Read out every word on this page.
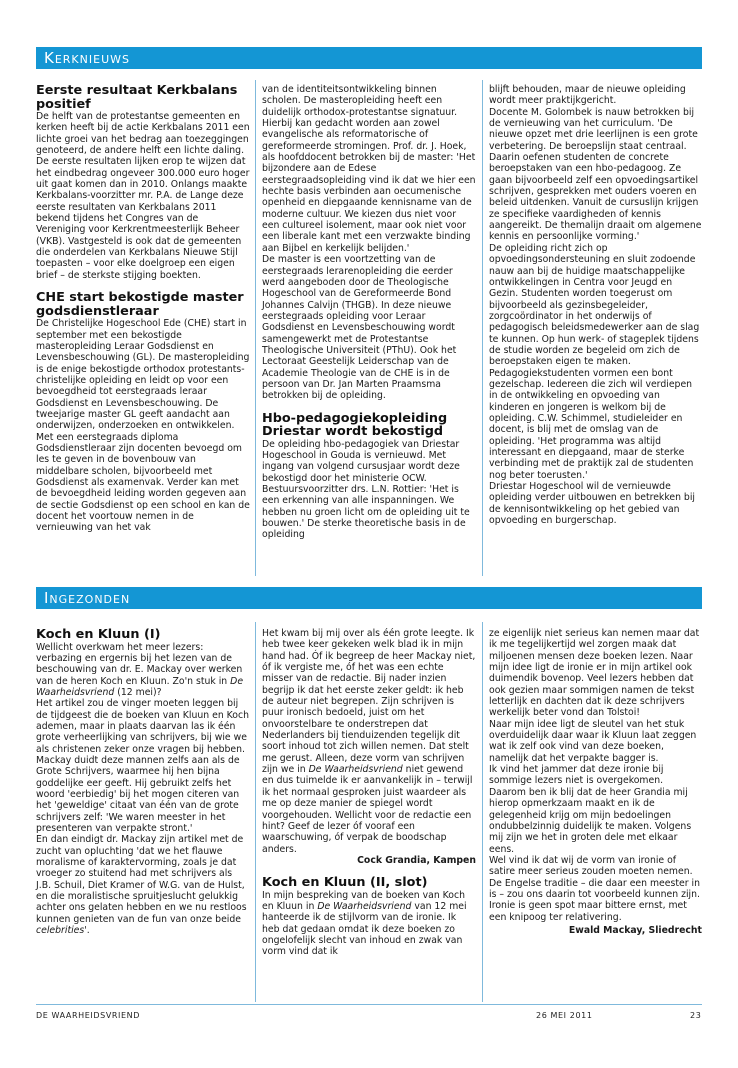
Kerknieuws
Eerste resultaat Kerkbalans positief

De helft van de protestantse gemeenten en kerken heeft bij de actie Kerkbalans 2011 een lichte groei van het bedrag aan toezeggingen genoteerd, de andere helft een lichte daling. De eerste resultaten lijken erop te wijzen dat het eindbedrag ongeveer 300.000 euro hoger uit gaat komen dan in 2010. Onlangs maakte Kerkbalans-voorzitter mr. P.A. de Lange deze eerste resultaten van Kerkbalans 2011 bekend tijdens het Congres van de Vereniging voor Kerkrentmeesterlijk Beheer (VKB). Vastgesteld is ook dat de gemeenten die onderdelen van Kerkbalans Nieuwe Stijl toepasten – voor elke doelgroep een eigen brief – de sterkste stijging boekten.

CHE start bekostigde master godsdienstleraar

De Christelijke Hogeschool Ede (CHE) start in september met een bekostigde masteropleiding Leraar Godsdienst en Levensbeschouwing (GL). De masteropleiding is de enige bekostigde orthodox protestants-christelijke opleiding en leidt op voor een bevoegdheid tot eerstegraads leraar Godsdienst en Levensbeschouwing. De tweejarige master GL geeft aandacht aan onderwijzen, onderzoeken en ontwikkelen. Met een eerstegraads diploma Godsdienstleraar zijn docenten bevoegd om les te geven in de bovenbouw van middelbare scholen, bijvoorbeeld met Godsdienst als examenvak. Verder kan met de bevoegdheid leiding worden gegeven aan de sectie Godsdienst op een school en kan de docent het voortouw nemen in de vernieuwing van het vak

van de identiteitsontwikkeling binnen scholen. De masteropleiding heeft een duidelijk orthodox-protestantse signatuur. Hierbij kan gedacht worden aan zowel evangelische als reformatorische of gereformeerde stromingen. Prof. dr. J. Hoek, als hoofddocent betrokken bij de master: 'Het bijzondere aan de Edese eerstegraadsopleiding vind ik dat we hier een hechte basis verbinden aan oecumenische openheid en diepgaande kennisname van de moderne cultuur. We kiezen dus niet voor een cultureel isolement, maar ook niet voor een liberale kant met een verzwakte binding aan Bijbel en kerkelijk belijden.'

De master is een voortzetting van de eerstegraads lerarenopleiding die eerder werd aangeboden door de Theologische Hogeschool van de Gereformeerde Bond Johannes Calvijn (THGB). In deze nieuwe eerstegraads opleiding voor Leraar Godsdienst en Levensbeschouwing wordt samengewerkt met de Protestantse Theologische Universiteit (PThU). Ook het Lectoraat Geestelijk Leiderschap van de Academie Theologie van de CHE is in de persoon van Dr. Jan Marten Praamsma betrokken bij de opleiding.

Hbo-pedagogiekopleiding Driestar wordt bekostigd

De opleiding hbo-pedagogiek van Driestar Hogeschool in Gouda is vernieuwd. Met ingang van volgend cursusjaar wordt deze bekostigd door het ministerie OCW. Bestuursvoorzitter drs. L.N. Rottier: 'Het is een erkenning van alle inspanningen. We hebben nu groen licht om de opleiding uit te bouwen.' De sterke theoretische basis in de opleiding

blijft behouden, maar de nieuwe opleiding wordt meer praktijkgericht.

Docente M. Golombek is nauw betrokken bij de vernieuwing van het curriculum. 'De nieuwe opzet met drie leerlijnen is een grote verbetering. De beroepslijn staat centraal. Daarin oefenen studenten de concrete beroepstaken van een hbo-pedagoog. Ze gaan bijvoorbeeld zelf een opvoedingsartikel schrijven, gesprekken met ouders voeren en beleid uitdenken. Vanuit de cursuslijn krijgen ze specifieke vaardigheden of kennis aangereikt. De themalijn draait om algemene kennis en persoonlijke vorming.'

De opleiding richt zich op opvoedingsondersteuning en sluit zodoende nauw aan bij de huidige maatschappelijke ontwikkelingen in Centra voor Jeugd en Gezin. Studenten worden toegerust om bijvoorbeeld als gezinsbegeleider, zorgcoördinator in het onderwijs of pedagogisch beleidsmedewerker aan de slag te kunnen. Op hun werk- of stageplek tijdens de studie worden ze begeleid om zich de beroepstaken eigen te maken. Pedagogiekstudenten vormen een bont gezelschap. Iedereen die zich wil verdiepen in de ontwikkeling en opvoeding van kinderen en jongeren is welkom bij de opleiding. C.W. Schimmel, studieleider en docent, is blij met de omslag van de opleiding. 'Het programma was altijd interessant en diepgaand, maar de sterke verbinding met de praktijk zal de studenten nog beter toerusten.'

Driestar Hogeschool wil de vernieuwde opleiding verder uitbouwen en betrekken bij de kennisontwikkeling op het gebied van opvoeding en burgerschap.

Ingezonden
Koch en Kluun (I)

Wellicht overkwam het meer lezers: verbazing en ergernis bij het lezen van de beschouwing van dr. E. Mackay over werken van de heren Koch en Kluun. Zo'n stuk in De Waarheidsvriend (12 mei)?

Het artikel zou de vinger moeten leggen bij de tijdgeest die de boeken van Kluun en Koch ademen, maar in plaats daarvan las ik één grote verheerlijking van schrijvers, bij wie we als christenen zeker onze vragen bij hebben. Mackay duidt deze mannen zelfs aan als de Grote Schrijvers, waarmee hij hen bijna goddelijke eer geeft. Hij gebruikt zelfs het woord 'eerbiedig' bij het mogen citeren van het 'geweldige' citaat van één van de grote schrijvers zelf: 'We waren meester in het presenteren van verpakte stront.'

En dan eindigt dr. Mackay zijn artikel met de zucht van opluchting 'dat we het flauwe moralisme of karaktervorming, zoals je dat vroeger zo stuitend had met schrijvers als J.B. Schuil, Diet Kramer of W.G. van de Hulst, en die moralistische spruitjeslucht gelukkig achter ons gelaten hebben en we nu restloos kunnen genieten van de fun van onze beide celebrities'.

Het kwam bij mij over als één grote leegte. Ik heb twee keer gekeken welk blad ik in mijn hand had. Óf ik begreep de heer Mackay niet, óf ik vergiste me, óf het was een echte misser van de redactie. Bij nader inzien begrijp ik dat het eerste zeker geldt: ik heb de auteur niet begrepen. Zijn schrijven is puur ironisch bedoeld, juist om het onvoorstelbare te onderstrepen dat Nederlanders bij tienduizenden tegelijk dit soort inhoud tot zich willen nemen. Dat stelt me gerust. Alleen, deze vorm van schrijven zijn we in De Waarheidsvriend niet gewend en dus tuimelde ik er aanvankelijk in – terwijl ik het normaal gesproken juist waardeer als me op deze manier de spiegel wordt voorgehouden. Wellicht voor de redactie een hint? Geef de lezer óf vooraf een waarschuwing, óf verpak de boodschap anders.

Cock Grandia, Kampen

Koch en Kluun (II, slot)

In mijn bespreking van de boeken van Koch en Kluun in De Waarheidsvriend van 12 mei hanteerde ik de stijlvorm van de ironie. Ik heb dat gedaan omdat ik deze boeken zo ongelofelijk slecht van inhoud en zwak van vorm vind dat ik

ze eigenlijk niet serieus kan nemen maar dat ik me tegelijkertijd wel zorgen maak dat miljoenen mensen deze boeken lezen. Naar mijn idee ligt de ironie er in mijn artikel ook duimendik bovenop. Veel lezers hebben dat ook gezien maar sommigen namen de tekst letterlijk en dachten dat ik deze schrijvers werkelijk beter vond dan Tolstoi!

Naar mijn idee ligt de sleutel van het stuk overduidelijk daar waar ik Kluun laat zeggen wat ik zelf ook vind van deze boeken, namelijk dat het verpakte bagger is.

Ik vind het jammer dat deze ironie bij sommige lezers niet is overgekomen. Daarom ben ik blij dat de heer Grandia mij hierop opmerkzaam maakt en ik de gelegenheid krijg om mijn bedoelingen ondubbelzinnig duidelijk te maken. Volgens mij zijn we het in groten dele met elkaar eens.

Wel vind ik dat wij de vorm van ironie of satire meer serieus zouden moeten nemen. De Engelse traditie – die daar een meester in is – zou ons daarin tot voorbeeld kunnen zijn. Ironie is geen spot maar bittere ernst, met een knipoog ter relativering.

Ewald Mackay, Sliedrecht

DE WAARHEIDSVRIEND	26 MEI 2011	23
